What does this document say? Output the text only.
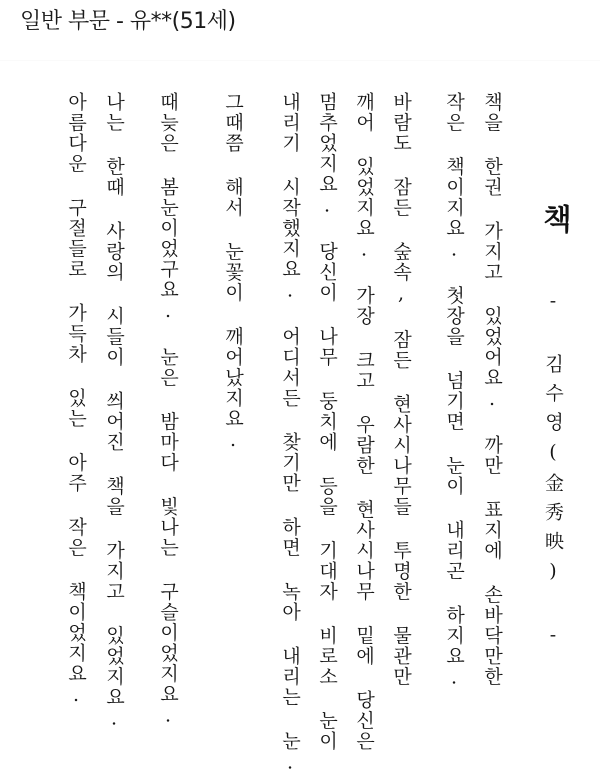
일반 부문 - 유**(51세)
책
- 김수영(金秀映) -
책을 한권 가지고 있었어요. 까만 표지에 손바닥만한
작은 책이지요. 첫장을 넘기면 눈이 내리곤 하지요.
바람도 잠든 숲속, 잠든 현사시나무들 투명한 물관만
깨어 있었지요. 가장 크고 우람한 현사시나무 밑에 당신은
멈추었지요. 당신이 나무 둥치에 등을 기대자 비로소 눈이
내리기 시작했지요. 어디서든 찾기만 하면 녹아 내리는 눈.
그때쯤 해서 눈꽃이 깨어났지요.
때늦은 봄눈이었구요. 눈은 밤마다 빛나는 구슬이었지요.
나는 한때 사랑의 시들이 씌어진 책을 가지고 있었지요.
아름다운 구절들로 가득차 있는 아주 작은 책이었지요.
